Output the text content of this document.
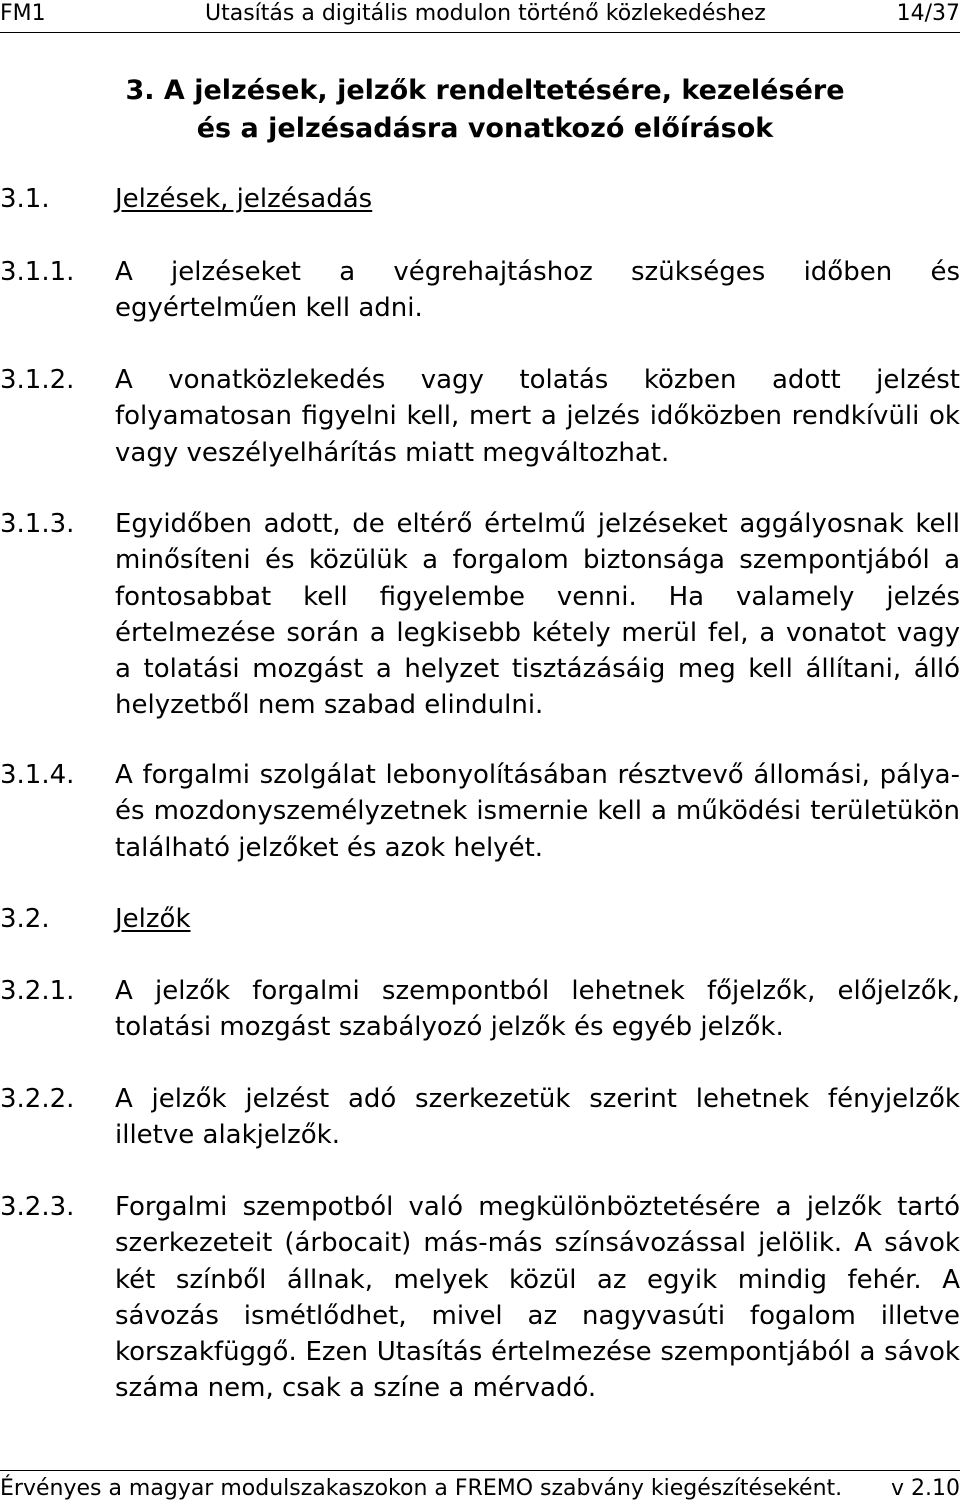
FM1	Utasítás a digitális modulon történő közlekedéshez	14/37
3. A jelzések, jelzők rendeltetésére, kezelésére
és a jelzésadásra vonatkozó előírások
3.1.	Jelzések, jelzésadás
3.1.1. A jelzéseket a végrehajtáshoz szükséges időben és egyértelműen kell adni.
3.1.2. A vonatközlekedés vagy tolatás közben adott jelzést folyamatosan figyelni kell, mert a jelzés időközben rendkívüli ok vagy veszélyelhárítás miatt megváltozhat.
3.1.3. Egyidőben adott, de eltérő értelmű jelzéseket aggályosnak kell minősíteni és közülük a forgalom biztonsága szempontjából a fontosabbat kell figyelembe venni. Ha valamely jelzés értelmezése során a legkisebb kétely merül fel, a vonatot vagy a tolatási mozgást a helyzet tisztázásáig meg kell állítani, álló helyzetből nem szabad elindulni.
3.1.4. A forgalmi szolgálat lebonyolításában résztvevő állomási, pálya- és mozdonyszemélyzetnek ismernie kell a működési területükön található jelzőket és azok helyét.
3.2.	Jelzők
3.2.1. A jelzők forgalmi szempontból lehetnek főjelzők, előjelzők, tolatási mozgást szabályozó jelzők és egyéb jelzők.
3.2.2. A jelzők jelzést adó szerkezetük szerint lehetnek fényjelzők illetve alakjelzők.
3.2.3. Forgalmi szempotból való megkülönböztetésére a jelzők tartó szerkezeteit (árbocait) más-más színsávozással jelölik. A sávok két színből állnak, melyek közül az egyik mindig fehér. A sávozás ismétlődhet, mivel az nagyvasúti fogalom illetve korszakfüggő. Ezen Utasítás értelmezése szempontjából a sávok száma nem, csak a színe a mérvadó.
Érvényes a magyar modulszakaszokon a FREMO szabvány kiegészítéseként. v 2.10
